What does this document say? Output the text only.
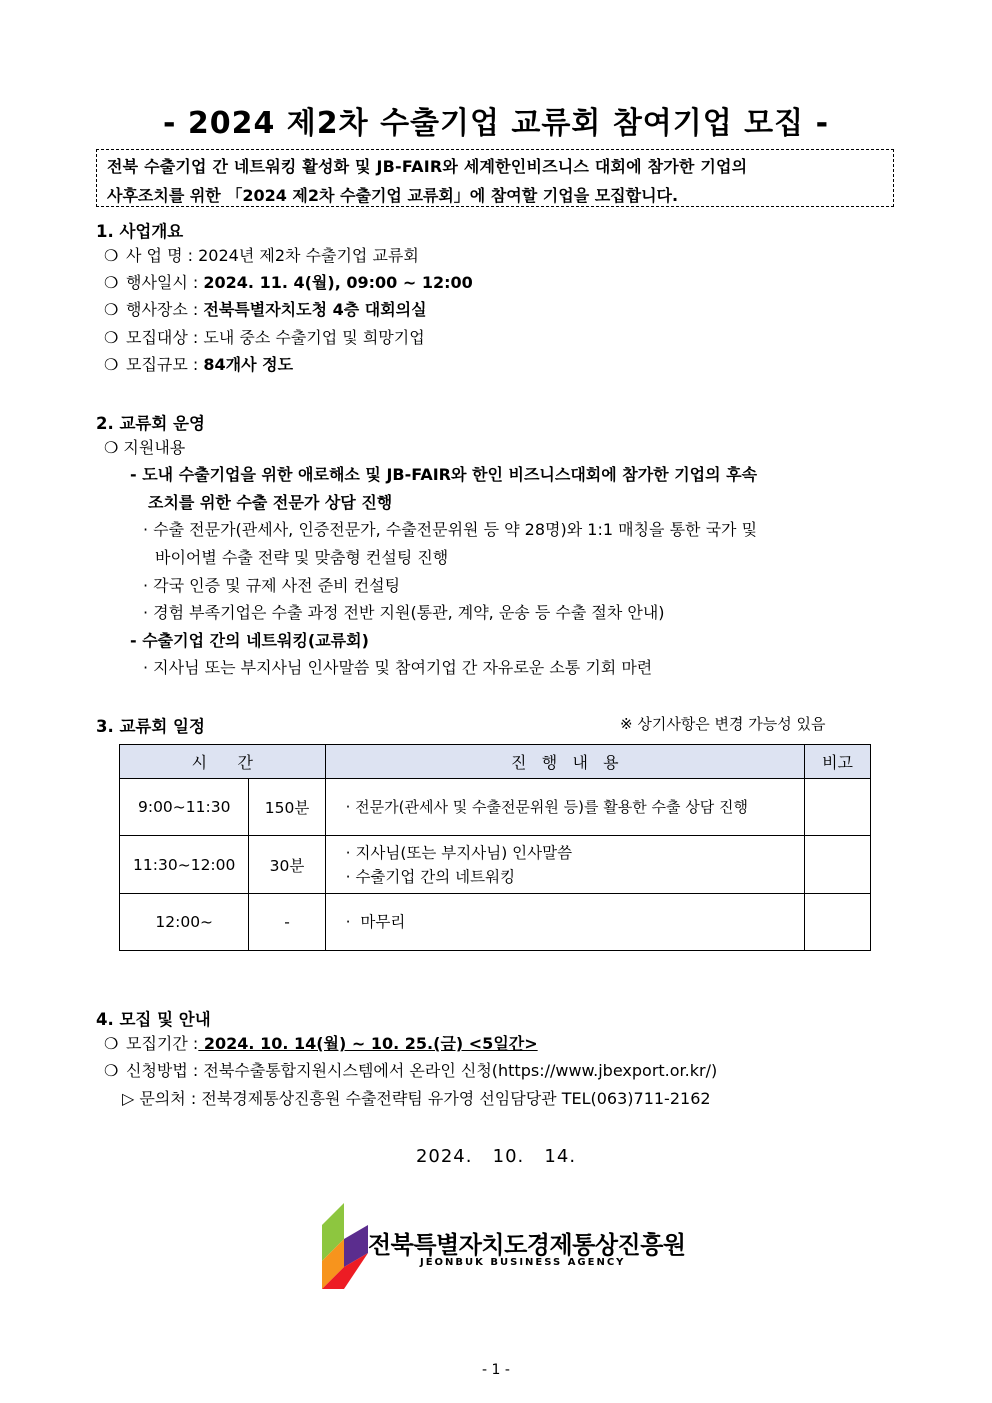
- 2024 제2차 수출기업 교류회 참여기업 모집 -
전북 수출기업 간 네트워킹 활성화 및 JB-FAIR와 세계한인비즈니스 대회에 참가한 기업의
사후조치를 위한 「2024 제2차 수출기업 교류회」에 참여할 기업을 모집합니다.
1. 사업개요
❍ 사 업 명 : 2024년 제2차 수출기업 교류회
❍ 행사일시 : 2024. 11. 4(월), 09:00 ~ 12:00
❍ 행사장소 : 전북특별자치도청 4층 대회의실
❍ 모집대상 : 도내 중소 수출기업 및 희망기업
❍ 모집규모 : 84개사 정도
2. 교류회 운영
❍ 지원내용
- 도내 수출기업을 위한 애로해소 및 JB-FAIR와 한인 비즈니스대회에 참가한 기업의 후속
조치를 위한 수출 전문가 상담 진행
· 수출 전문가(관세사, 인증전문가, 수출전문위원 등 약 28명)와 1:1 매칭을 통한 국가 및
바이어별 수출 전략 및 맞춤형 컨설팅 진행
· 각국 인증 및 규제 사전 준비 컨설팅
· 경험 부족기업은 수출 과정 전반 지원(통관, 계약, 운송 등 수출 절차 안내)
- 수출기업 간의 네트워킹(교류회)
· 지사님 또는 부지사님 인사말씀 및 참여기업 간 자유로운 소통 기회 마련
3. 교류회 일정	※ 상기사항은 변경 가능성 있음
시      간		진   행   내   용	비고
9:00~11:30	150분	· 전문가(관세사 및 수출전문위원 등)를 활용한 수출 상담 진행	

11:30~12:00	30분	· 지사님(또는 부지사님) 인사말씀
· 수출기업 간의 네트워킹	

12:00~	-	·  마무리	

4. 모집 및 안내
❍ 모집기간 : 2024. 10. 14(월) ~ 10. 25.(금) <5일간>
❍ 신청방법 : 전북수출통합지원시스템에서 온라인 신청(https://www.jbexport.or.kr/)
▷ 문의처 : 전북경제통상진흥원 수출전략팀 유가영 선임담당관 TEL(063)711-2162
2024.   10.   14.
전북특별자치도경제통상진흥원
JEONBUK BUSINESS AGENCY
- 1 -
